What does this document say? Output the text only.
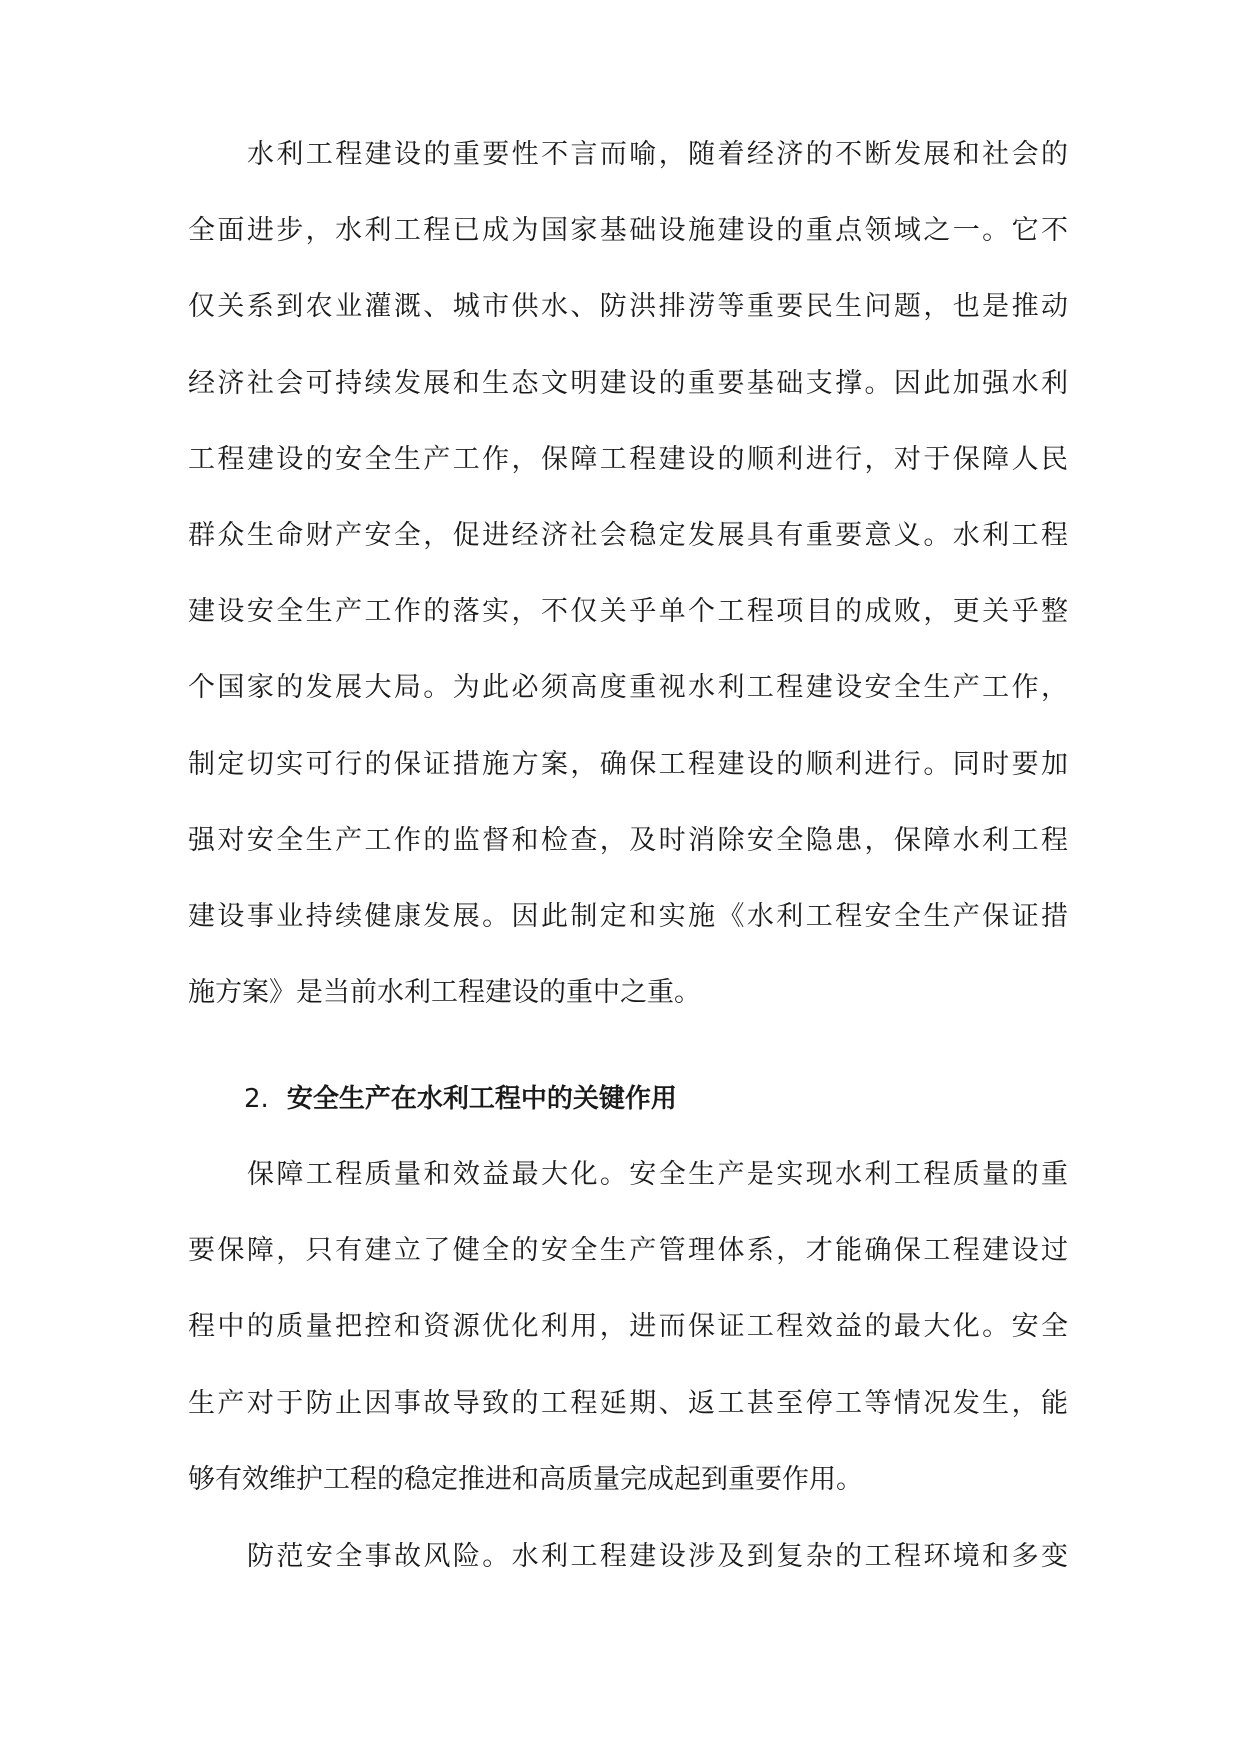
水利工程建设的重要性不言而喻，随着经济的不断发展和社会的
全面进步，水利工程已成为国家基础设施建设的重点领域之一。它不
仅关系到农业灌溉、城市供水、防洪排涝等重要民生问题，也是推动
经济社会可持续发展和生态文明建设的重要基础支撑。因此加强水利
工程建设的安全生产工作，保障工程建设的顺利进行，对于保障人民
群众生命财产安全，促进经济社会稳定发展具有重要意义。水利工程
建设安全生产工作的落实，不仅关乎单个工程项目的成败，更关乎整
个国家的发展大局。为此必须高度重视水利工程建设安全生产工作，
制定切实可行的保证措施方案，确保工程建设的顺利进行。同时要加
强对安全生产工作的监督和检查，及时消除安全隐患，保障水利工程
建设事业持续健康发展。因此制定和实施《水利工程安全生产保证措
施方案》是当前水利工程建设的重中之重。
2. 安全生产在水利工程中的关键作用
保障工程质量和效益最大化。安全生产是实现水利工程质量的重
要保障，只有建立了健全的安全生产管理体系，才能确保工程建设过
程中的质量把控和资源优化利用，进而保证工程效益的最大化。安全
生产对于防止因事故导致的工程延期、返工甚至停工等情况发生，能
够有效维护工程的稳定推进和高质量完成起到重要作用。
防范安全事故风险。水利工程建设涉及到复杂的工程环境和多变
